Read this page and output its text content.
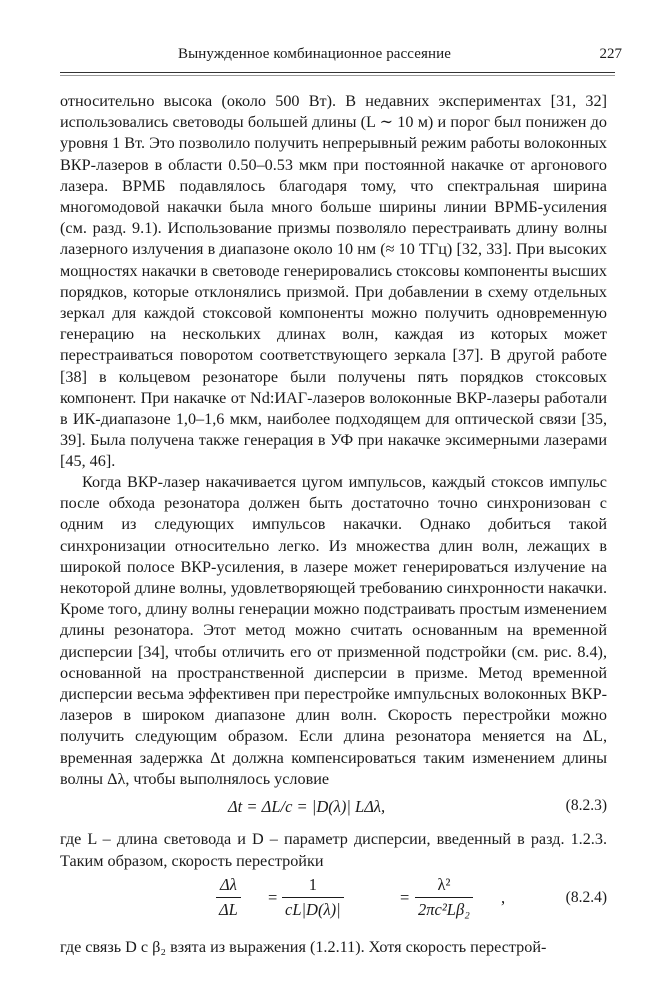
Вынужденное комбинационное рассеяние	227
относительно высока (около 500 Вт). В недавних экспериментах [31, 32] использовались световоды большей длины (L ∼ 10 м) и порог был понижен до уровня 1 Вт. Это позволило получить непрерывный режим работы волоконных ВКР-лазеров в области 0.50–0.53 мкм при постоянной накачке от аргонового лазера. ВРМБ подавлялось благодаря тому, что спектральная ширина многомодовой накачки была много больше ширины линии ВРМБ-усиления (см. разд. 9.1). Использование призмы позволяло перестраивать длину волны лазерного излучения в диапазоне около 10 нм (≈ 10 ТГц) [32, 33]. При высоких мощностях накачки в световоде генерировались стоксовы компоненты высших порядков, которые отклонялись призмой. При добавлении в схему отдельных зеркал для каждой стоксовой компоненты можно получить одновременную генерацию на нескольких длинах волн, каждая из которых может перестраиваться поворотом соответствующего зеркала [37]. В другой работе [38] в кольцевом резонаторе были получены пять порядков стоксовых компонент. При накачке от Nd:ИАГ-лазеров волоконные ВКР-лазеры работали в ИК-диапазоне 1,0–1,6 мкм, наиболее подходящем для оптической связи [35, 39]. Была получена также генерация в УФ при накачке эксимерными лазерами [45, 46].
Когда ВКР-лазер накачивается цугом импульсов, каждый стоксов импульс после обхода резонатора должен быть достаточно точно синхронизован с одним из следующих импульсов накачки. Однако добиться такой синхронизации относительно легко. Из множества длин волн, лежащих в широкой полосе ВКР-усиления, в лазере может генерироваться излучение на некоторой длине волны, удовлетворяющей требованию синхронности накачки. Кроме того, длину волны генерации можно подстраивать простым изменением длины резонатора. Этот метод можно считать основанным на временной дисперсии [34], чтобы отличить его от призменной подстройки (см. рис. 8.4), основанной на пространственной дисперсии в призме. Метод временной дисперсии весьма эффективен при перестройке импульсных волоконных ВКР-лазеров в широком диапазоне длин волн. Скорость перестройки можно получить следующим образом. Если длина резонатора меняется на ΔL, временная задержка Δt должна компенсироваться таким изменением длины волны Δλ, чтобы выполнялось условие
Δt = ΔL/c = |D(λ)| LΔλ,	(8.2.3)
где L – длина световода и D – параметр дисперсии, введенный в разд. 1.2.3. Таким образом, скорость перестройки
$\frac{\Delta\lambda}{\Delta L} = \frac{1}{cL|D(\lambda)|}$	= $\frac{\text{λ²}}{\text{2πc²Lβ₂}}$ ,	(8.2.4)
где связь D с β₂ взята из выражения (1.2.11). Хотя скорость перестрой-
